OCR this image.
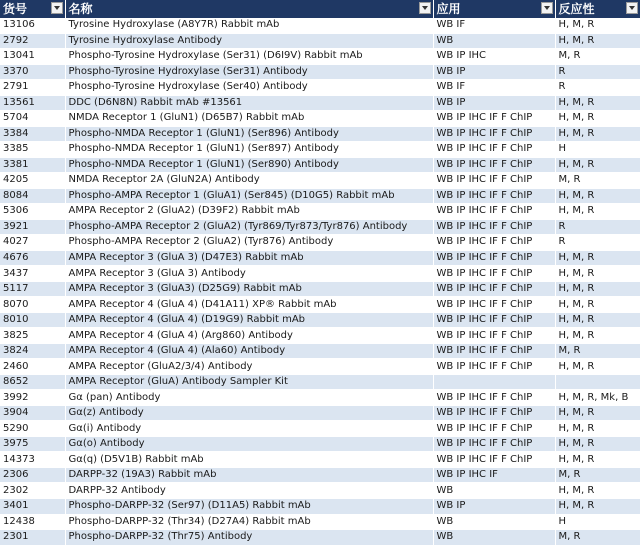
货号	名称	应用	反应性

13106	Tyrosine Hydroxylase (A8Y7R) Rabbit mAb	WB IF	H, M, R
2792	Tyrosine Hydroxylase Antibody	WB	H, M, R
13041	Phospho-Tyrosine Hydroxylase (Ser31) (D6I9V) Rabbit mAb	WB IP IHC	M, R
3370	Phospho-Tyrosine Hydroxylase (Ser31) Antibody	WB IP	R
2791	Phospho-Tyrosine Hydroxylase (Ser40) Antibody	WB IF	R
13561	DDC (D6N8N) Rabbit mAb #13561	WB IP	H, M, R
5704	NMDA Receptor 1 (GluN1) (D65B7) Rabbit mAb	WB IP IHC IF F ChIP	H, M, R
3384	Phospho-NMDA Receptor 1 (GluN1) (Ser896) Antibody	WB IP IHC IF F ChIP	H, M, R
3385	Phospho-NMDA Receptor 1 (GluN1) (Ser897) Antibody	WB IP IHC IF F ChIP	H
3381	Phospho-NMDA Receptor 1 (GluN1) (Ser890) Antibody	WB IP IHC IF F ChIP	H, M, R
4205	NMDA Receptor 2A (GluN2A) Antibody	WB IP IHC IF F ChIP	M, R
8084	Phospho-AMPA Receptor 1 (GluA1) (Ser845) (D10G5) Rabbit mAb	WB IP IHC IF F ChIP	H, M, R
5306	AMPA Receptor 2 (GluA2) (D39F2) Rabbit mAb	WB IP IHC IF F ChIP	H, M, R
3921	Phospho-AMPA Receptor 2 (GluA2) (Tyr869/Tyr873/Tyr876) Antibody	WB IP IHC IF F ChIP	R
4027	Phospho-AMPA Receptor 2 (GluA2) (Tyr876) Antibody	WB IP IHC IF F ChIP	R
4676	AMPA Receptor 3 (GluA 3) (D47E3) Rabbit mAb	WB IP IHC IF F ChIP	H, M, R
3437	AMPA Receptor 3 (GluA 3) Antibody	WB IP IHC IF F ChIP	H, M, R
5117	AMPA Receptor 3 (GluA3) (D25G9) Rabbit mAb	WB IP IHC IF F ChIP	H, M, R
8070	AMPA Receptor 4 (GluA 4) (D41A11) XP® Rabbit mAb	WB IP IHC IF F ChIP	H, M, R
8010	AMPA Receptor 4 (GluA 4) (D19G9) Rabbit mAb	WB IP IHC IF F ChIP	H, M, R
3825	AMPA Receptor 4 (GluA 4) (Arg860) Antibody	WB IP IHC IF F ChIP	H, M, R
3824	AMPA Receptor 4 (GluA 4) (Ala60) Antibody	WB IP IHC IF F ChIP	M, R
2460	AMPA Receptor (GluA2/3/4) Antibody	WB IP IHC IF F ChIP	H, M, R
8652	AMPA Receptor (GluA) Antibody Sampler Kit		
3992	Gα (pan) Antibody	WB IP IHC IF F ChIP	H, M, R, Mk, B
3904	Gα(z) Antibody	WB IP IHC IF F ChIP	H, M, R
5290	Gα(i) Antibody	WB IP IHC IF F ChIP	H, M, R
3975	Gα(o) Antibody	WB IP IHC IF F ChIP	H, M, R
14373	Gα(q) (D5V1B) Rabbit mAb	WB IP IHC IF F ChIP	H, M, R
2306	DARPP-32 (19A3) Rabbit mAb	WB IP IHC IF	M, R
2302	DARPP-32 Antibody	WB	H, M, R
3401	Phospho-DARPP-32 (Ser97) (D11A5) Rabbit mAb	WB IP	H, M, R
12438	Phospho-DARPP-32 (Thr34) (D27A4) Rabbit mAb	WB	H
2301	Phospho-DARPP-32 (Thr75) Antibody	WB	M, R
